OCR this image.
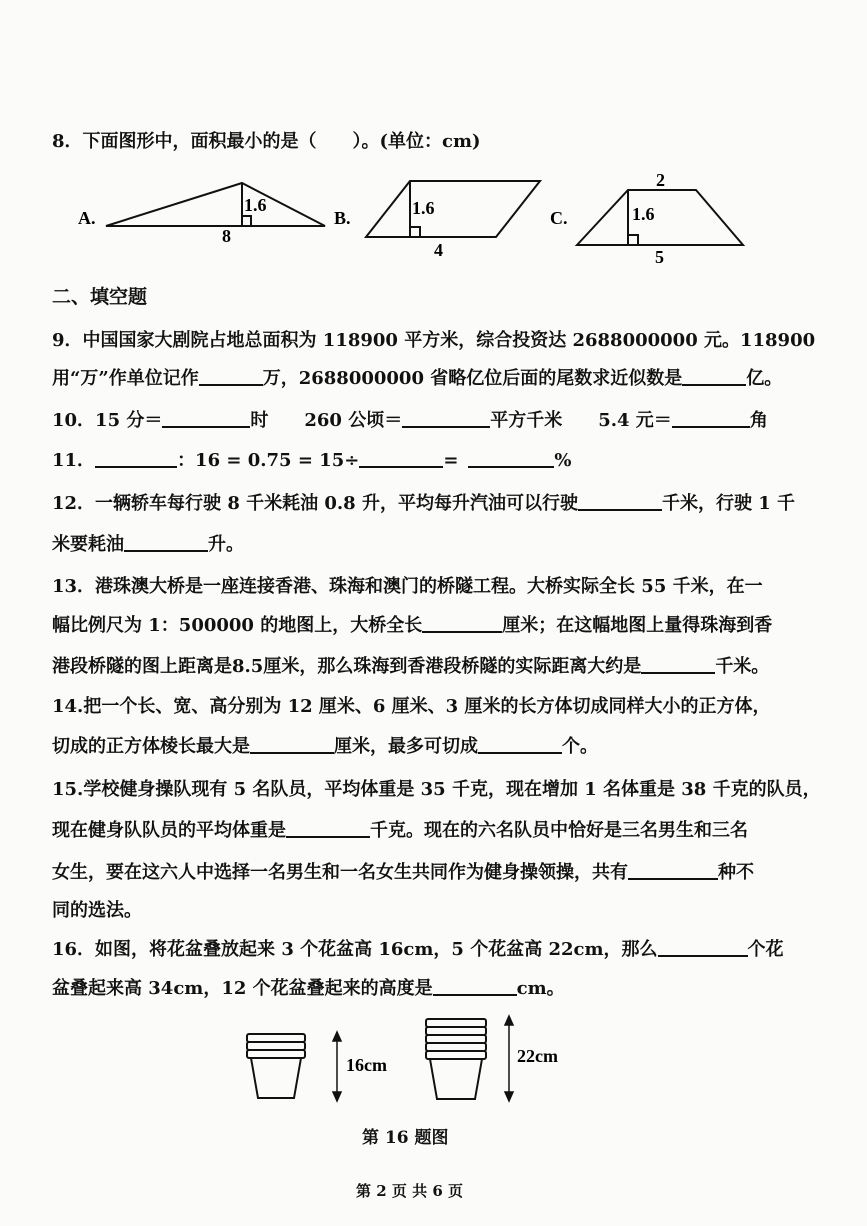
8．下面图形中，面积最小的是（　　）。(单位：cm)
A.
1.6
8
B.	1.6
4
C.
2
1.6
5
16cm	22cm
二、填空题
9．中国国家大剧院占地总面积为 118900 平方米，综合投资达 2688000000 元。118900
用“万”作单位记作	万，2688000000 省略亿位后面的尾数求近似数是	亿。
10．15 分＝	时　　260 公顷＝	平方千米　　5.4 元＝	角
11．	：16 = 0.75 = 15÷	=	%
12．一辆轿车每行驶 8 千米耗油 0.8 升，平均每升汽油可以行驶	千米，行驶 1 千
米要耗油	升。
13．港珠澳大桥是一座连接香港、珠海和澳门的桥隧工程。大桥实际全长 55 千米，在一
幅比例尺为 1：500000 的地图上，大桥全长	厘米；在这幅地图上量得珠海到香
港段桥隧的图上距离是8.5厘米，那么珠海到香港段桥隧的实际距离大约是	千米。
14.把一个长、宽、高分别为 12 厘米、6 厘米、3 厘米的长方体切成同样大小的正方体，
切成的正方体棱长最大是	厘米，最多可切成	个。
15.学校健身操队现有 5 名队员，平均体重是 35 千克，现在增加 1 名体重是 38 千克的队员，
现在健身队队员的平均体重是	千克。现在的六名队员中恰好是三名男生和三名
女生，要在这六人中选择一名男生和一名女生共同作为健身操领操，共有	种不
同的选法。
16．如图，将花盆叠放起来 3 个花盆高 16cm，5 个花盆高 22cm，那么	个花
盆叠起来高 34cm，12 个花盆叠起来的高度是	cm。
第 16 题图
第 2 页 共 6 页
